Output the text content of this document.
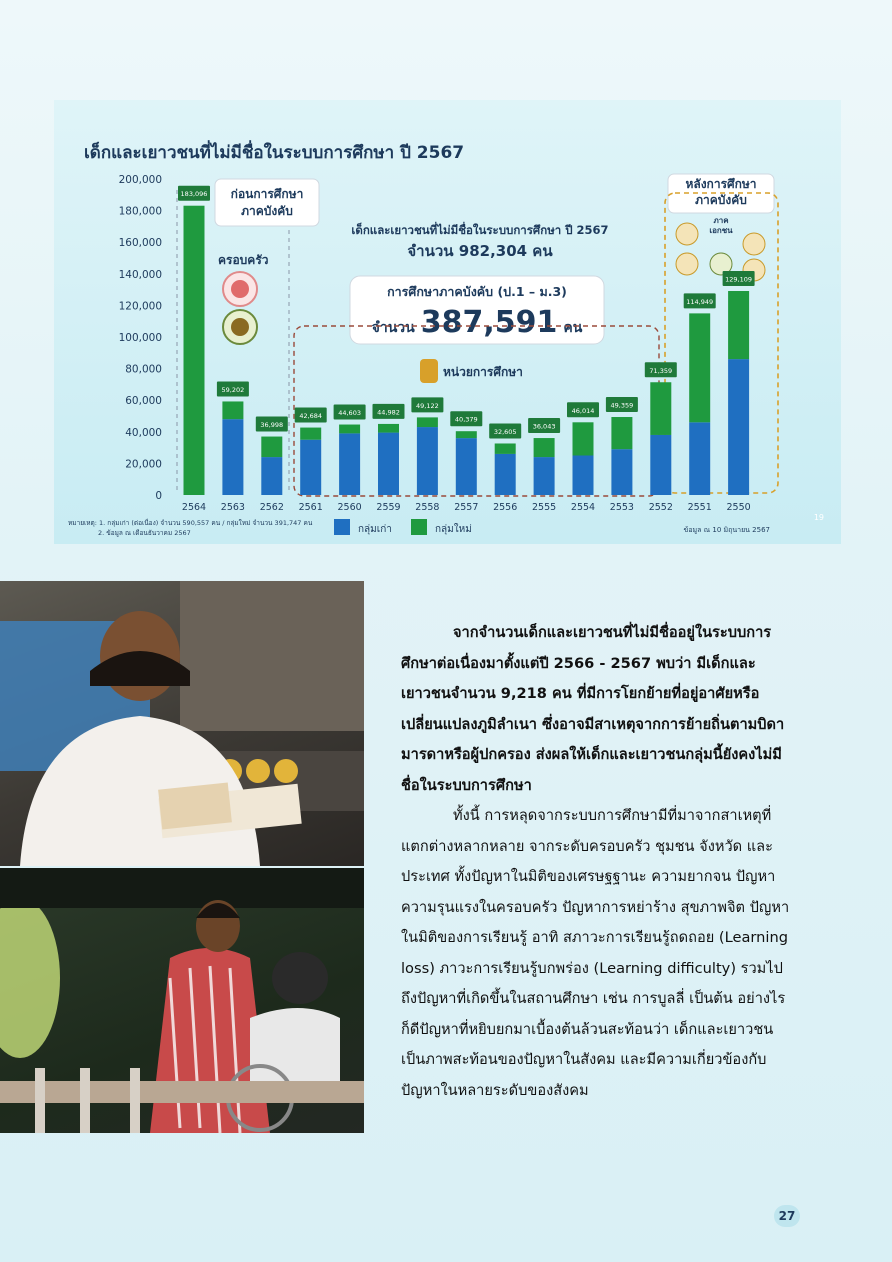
เด็กและเยาวชนที่ไม่มีชื่อในระบบการศึกษา ปี 2567
ก่อนการศึกษาภาคบังคับ
ครอบครัว
เด็กและเยาวชนที่ไม่มีชื่อในระบบการศึกษา ปี 2567
จำนวน 982,304 คน
การศึกษาภาคบังคับ (ป.1 – ม.3)
จำนวน 387,591 คน
หน่วยการศึกษา
หลังการศึกษาภาคบังคับ
ภาคเอกชน
0
20,000
40,000
60,000
80,000
100,000
120,000
140,000
160,000
180,000
200,000
183,096
59,202
36,998
42,684 44,603 44,982
49,122
40,379
32,605
36,043
46,014
49,359
71,359
114,949
129,109
2564 2563 2562 2561 2560 2559 2558 2557 2556 2555 2554 2553 2552 2551 2550
หมายเหตุ: 1. กลุ่มเก่า (ต่อเนื่อง) จำนวน 590,557 คน / กลุ่มใหม่ จำนวน 391,747 คน
2. ข้อมูล ณ เดือนธันวาคม 2567	กลุ่มเก่า	กลุ่มใหม่	ข้อมูล ณ 10 มิถุนายน 2567
19

จากจำนวนเด็กและเยาวชนที่ไม่มีชื่ออยู่ในระบบการศึกษาต่อเนื่องมาตั้งแต่ปี 2566 - 2567 พบว่า มีเด็กและเยาวชนจำนวน 9,218 คน ที่มีการโยกย้ายที่อยู่อาศัยหรือเปลี่ยนแปลงภูมิลำเนา ซึ่งอาจมีสาเหตุจากการย้ายถิ่นตามบิดามารดาหรือผู้ปกครอง ส่งผลให้เด็กและเยาวชนกลุ่มนี้ยังคงไม่มีชื่อในระบบการศึกษา

ทั้งนี้ การหลุดจากระบบการศึกษามีที่มาจากสาเหตุที่แตกต่างหลากหลาย จากระดับครอบครัว ชุมชน จังหวัด และประเทศ ทั้งปัญหาในมิติของเศรษฐฐานะ ความยากจน ปัญหาความรุนแรงในครอบครัว ปัญหาการหย่าร้าง สุขภาพจิต ปัญหาในมิติของการเรียนรู้ อาทิ สภาวะการเรียนรู้ถดถอย (Learning loss) ภาวะการเรียนรู้บกพร่อง (Learning difficulty) รวมไปถึงปัญหาที่เกิดขึ้นในสถานศึกษา เช่น การบูลลี่ เป็นต้น อย่างไรก็ดีปัญหาที่หยิบยกมาเบื้องต้นล้วนสะท้อนว่า เด็กและเยาวชนเป็นภาพสะท้อนของปัญหาในสังคม และมีความเกี่ยวข้องกับปัญหาในหลายระดับของสังคม

27
